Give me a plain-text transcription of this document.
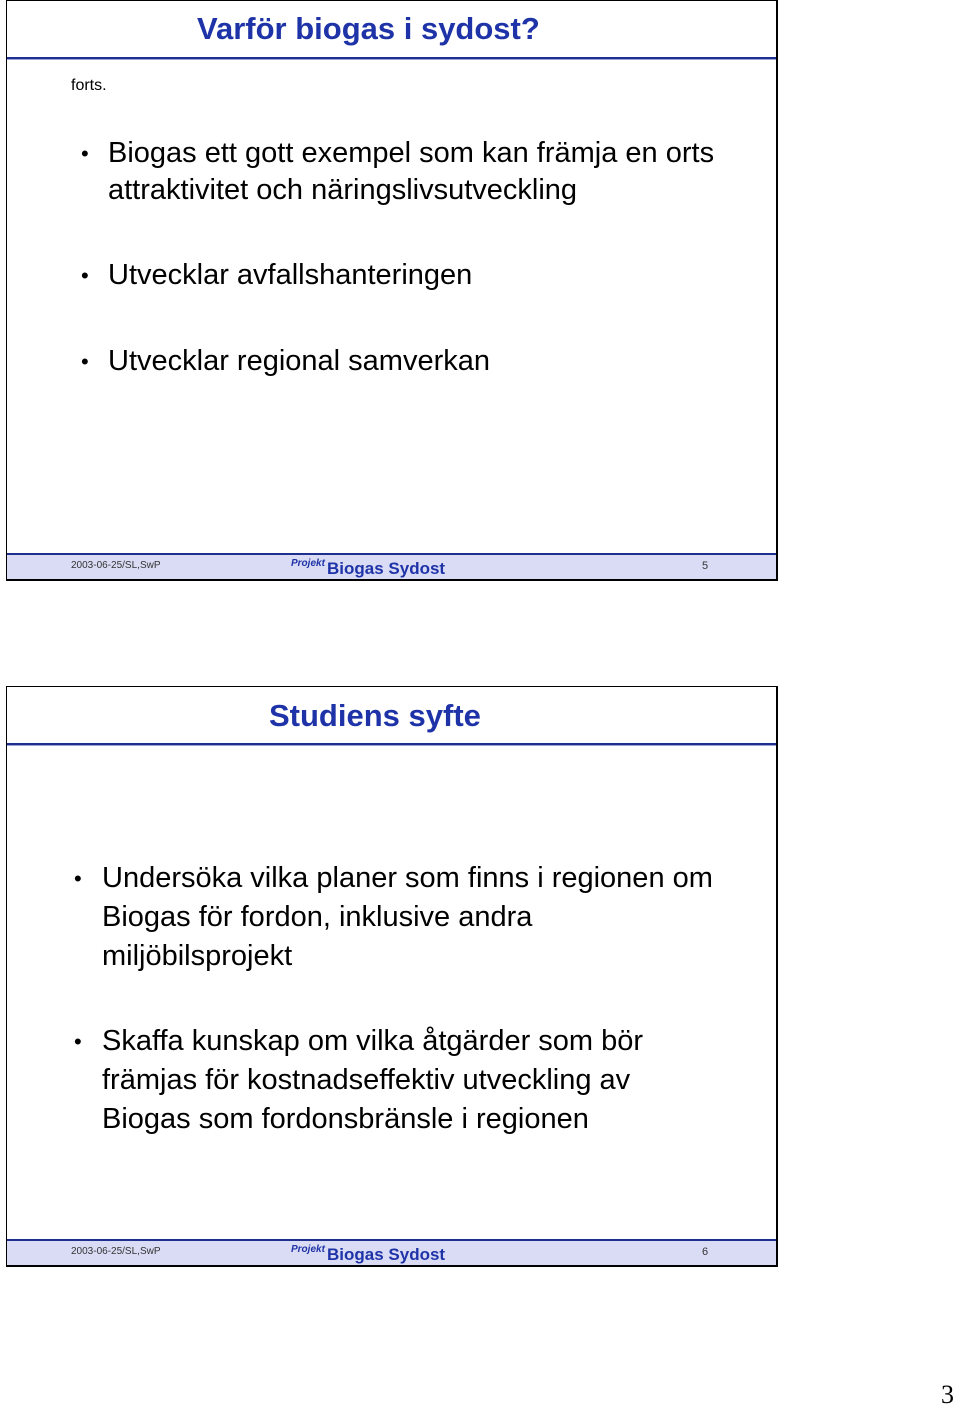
Varför biogas i sydost?
forts.
• Biogas ett gott exempel som kan främja en orts attraktivitet och näringslivsutveckling
• Utvecklar avfallshanteringen
• Utvecklar regional samverkan
2003-06-25/SL,SwP	Projekt Biogas Sydost	5
Studiens syfte
• Undersöka vilka planer som finns i regionen om Biogas för fordon, inklusive andra miljöbilsprojekt
• Skaffa kunskap om vilka åtgärder som bör främjas för kostnadseffektiv utveckling av Biogas som fordonsbränsle i regionen
2003-06-25/SL,SwP	Projekt Biogas Sydost	6
3
